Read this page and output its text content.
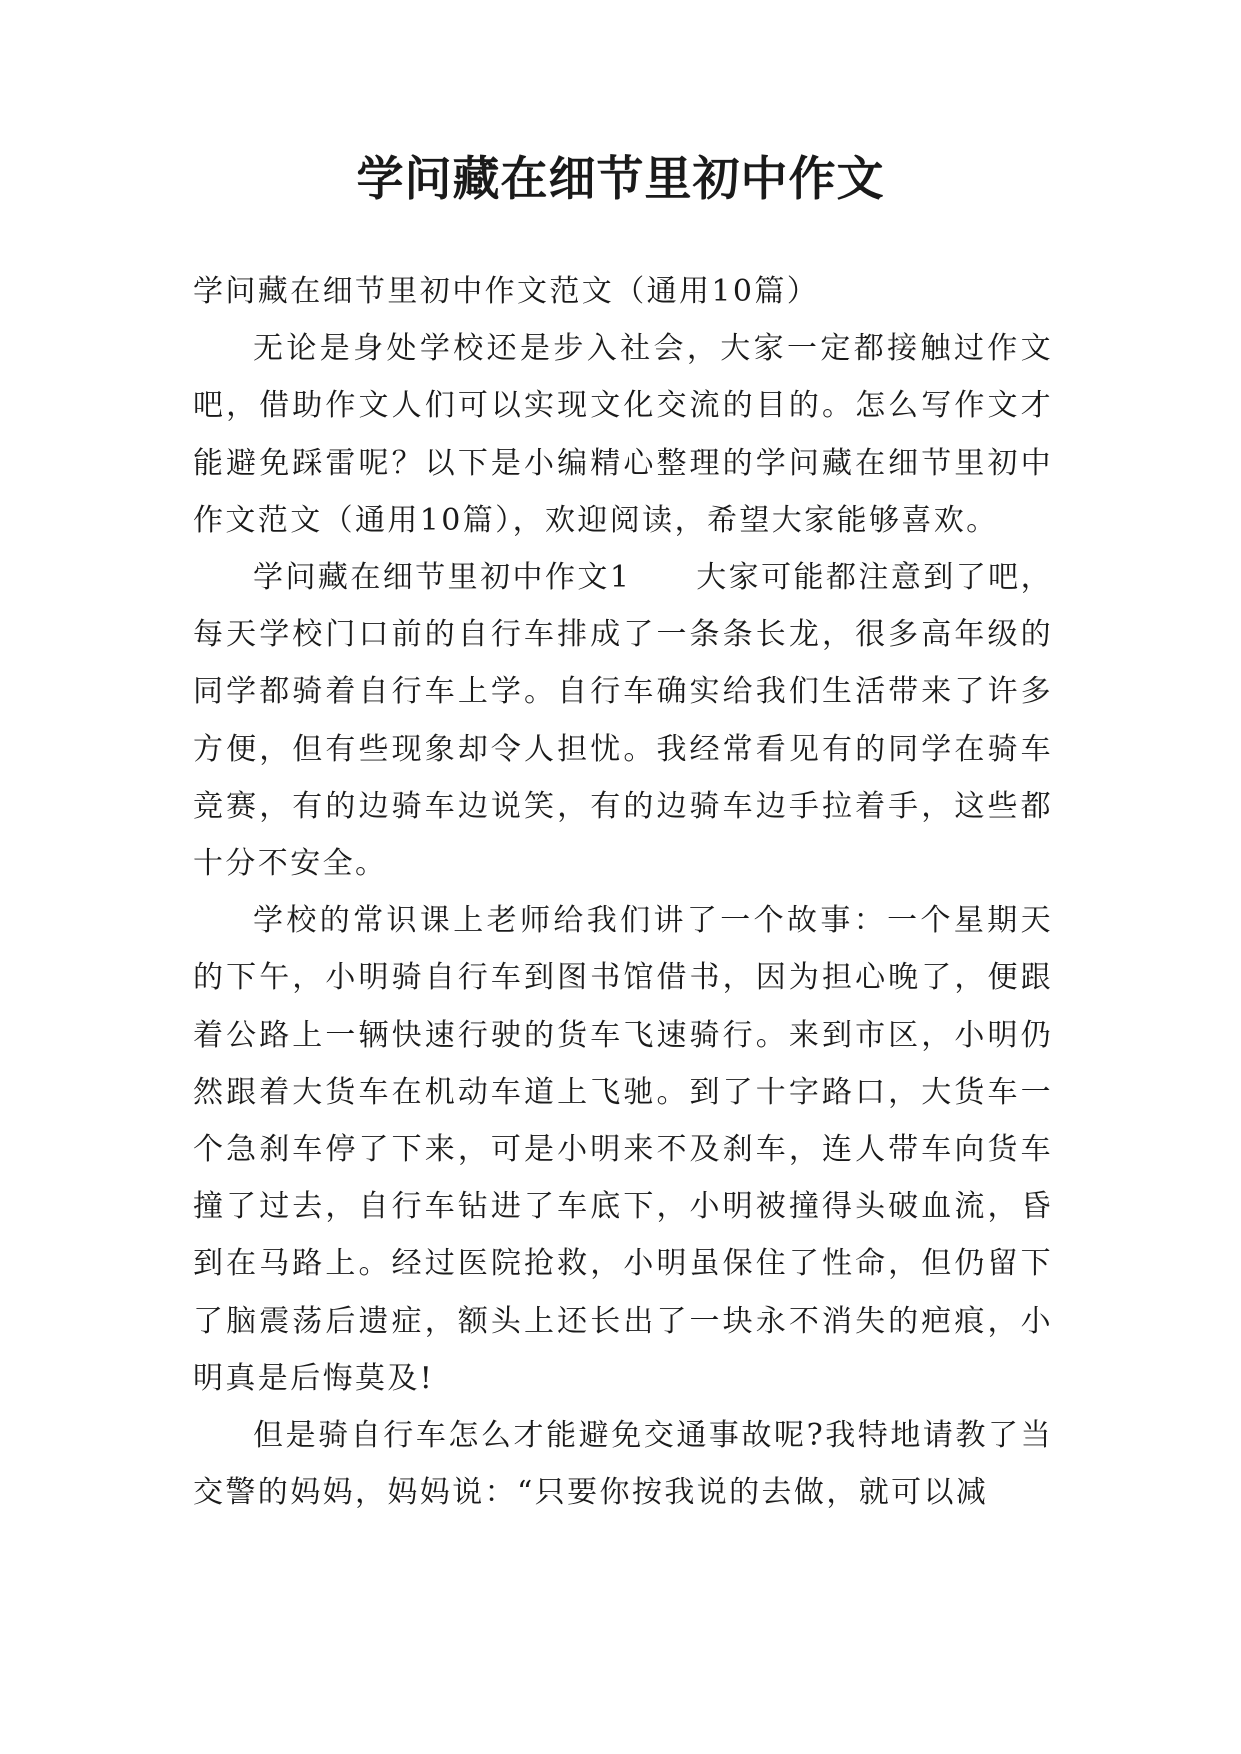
学问藏在细节里初中作文

学问藏在细节里初中作文范文（通用10篇）

无论是身处学校还是步入社会，大家一定都接触过作文吧，借助作文人们可以实现文化交流的目的。怎么写作文才能避免踩雷呢？以下是小编精心整理的学问藏在细节里初中作文范文（通用10篇），欢迎阅读，希望大家能够喜欢。

学问藏在细节里初中作文1　　大家可能都注意到了吧，每天学校门口前的自行车排成了一条条长龙，很多高年级的同学都骑着自行车上学。自行车确实给我们生活带来了许多方便，但有些现象却令人担忧。我经常看见有的同学在骑车竞赛，有的边骑车边说笑，有的边骑车边手拉着手，这些都十分不安全。

学校的常识课上老师给我们讲了一个故事：一个星期天的下午，小明骑自行车到图书馆借书，因为担心晚了，便跟着公路上一辆快速行驶的货车飞速骑行。来到市区，小明仍然跟着大货车在机动车道上飞驰。到了十字路口，大货车一个急刹车停了下来，可是小明来不及刹车，连人带车向货车撞了过去，自行车钻进了车底下，小明被撞得头破血流，昏到在马路上。经过医院抢救，小明虽保住了性命，但仍留下了脑震荡后遗症，额头上还长出了一块永不消失的疤痕，小明真是后悔莫及!

但是骑自行车怎么才能避免交通事故呢?我特地请教了当交警的妈妈，妈妈说：“只要你按我说的去做，就可以减
